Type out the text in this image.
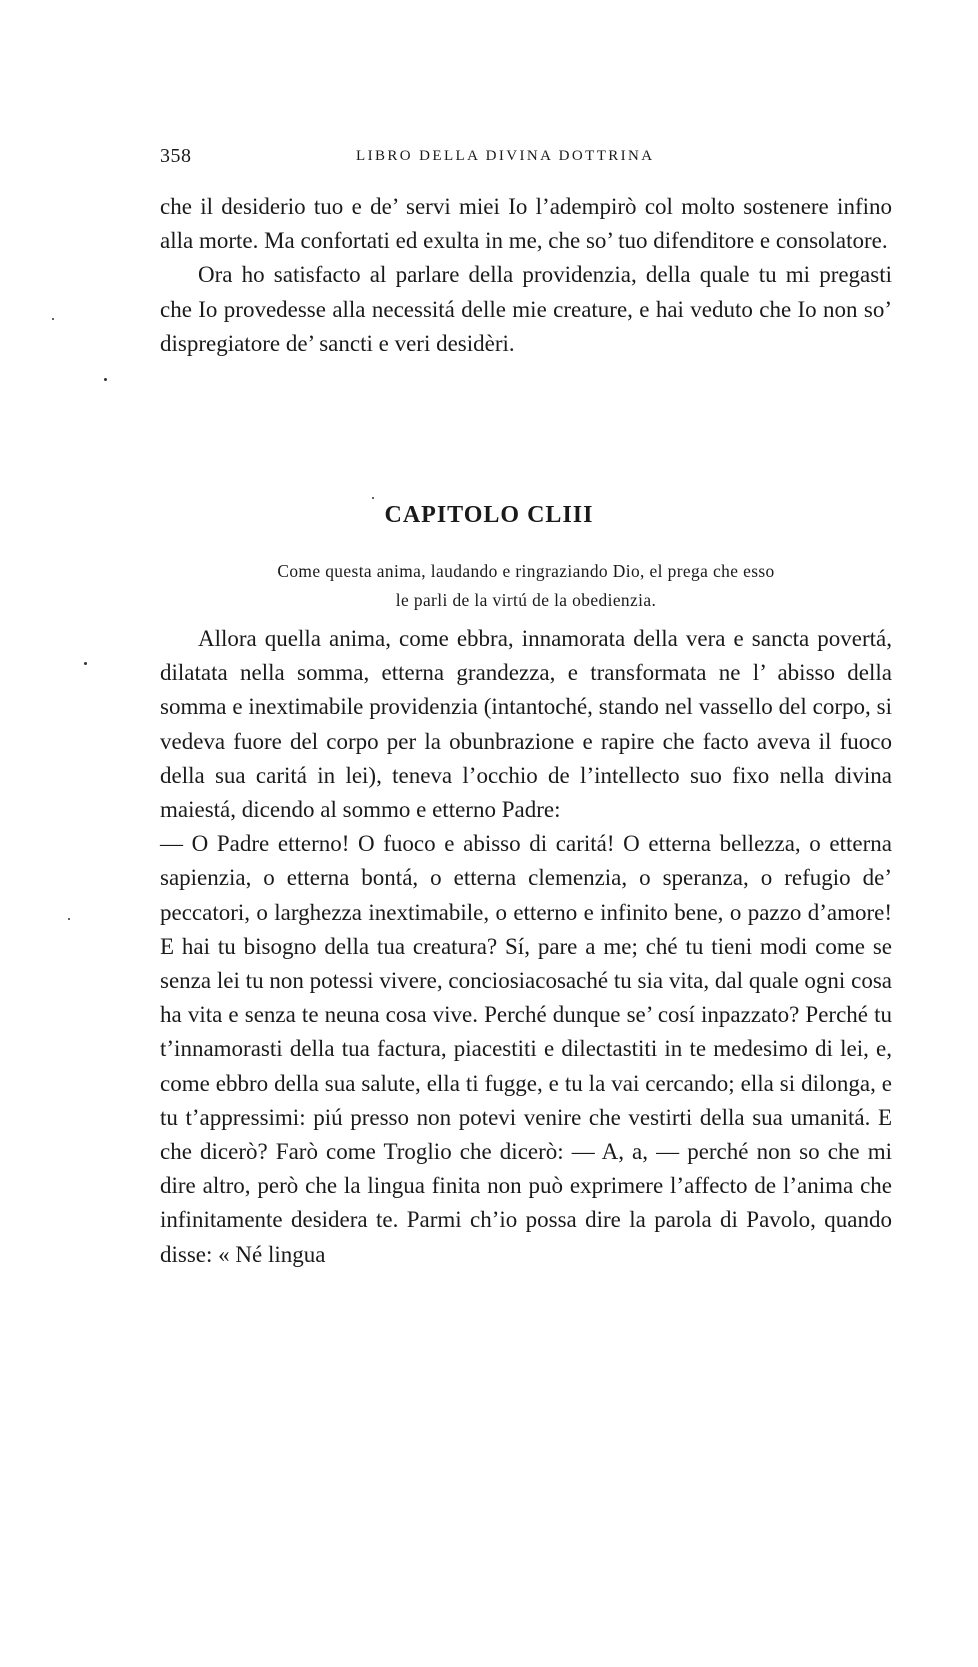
358	LIBRO DELLA DIVINA DOTTRINA

che il desiderio tuo e de’ servi miei Io l’adempirò col molto sostenere infino alla morte. Ma confortati ed exulta in me, che so’ tuo difenditore e consolatore.

Ora ho satisfacto al parlare della providenzia, della quale tu mi pregasti che Io provedesse alla necessitá delle mie creature, e hai veduto che Io non so’ dispregiatore de’ sancti e veri desidèri.

CAPITOLO CLIII
Come questa anima, laudando e ringraziando Dio, el prega che esso
le parli de la virtú de la obedienzia.

Allora quella anima, come ebbra, innamorata della vera e sancta povertá, dilatata nella somma, etterna grandezza, e transformata ne l’ abisso della somma e inextimabile providenzia (intantoché, stando nel vassello del corpo, si vedeva fuore del corpo per la obunbrazione e rapire che facto aveva il fuoco della sua caritá in lei), teneva l’occhio de l’intellecto suo fixo nella divina maiestá, dicendo al sommo e etterno Padre:

— O Padre etterno! O fuoco e abisso di caritá! O etterna bellezza, o etterna sapienzia, o etterna bontá, o etterna clemenzia, o speranza, o refugio de’ peccatori, o larghezza inextimabile, o etterno e infinito bene, o pazzo d’amore! E hai tu bisogno della tua creatura? Sí, pare a me; ché tu tieni modi come se senza lei tu non potessi vivere, conciosiacosaché tu sia vita, dal quale ogni cosa ha vita e senza te neuna cosa vive. Perché dunque se’ cosí inpazzato? Perché tu t’innamorasti della tua factura, piacestiti e dilectastiti in te medesimo di lei, e, come ebbro della sua salute, ella ti fugge, e tu la vai cercando; ella si dilonga, e tu t’appressimi: piú presso non potevi venire che vestirti della sua umanitá. E che dicerò? Farò come Troglio che dicerò: — A, a, — perché non so che mi dire altro, però che la lingua finita non può exprimere l’affecto de l’anima che infinitamente desidera te. Parmi ch’io possa dire la parola di Pavolo, quando disse: « Né lingua
